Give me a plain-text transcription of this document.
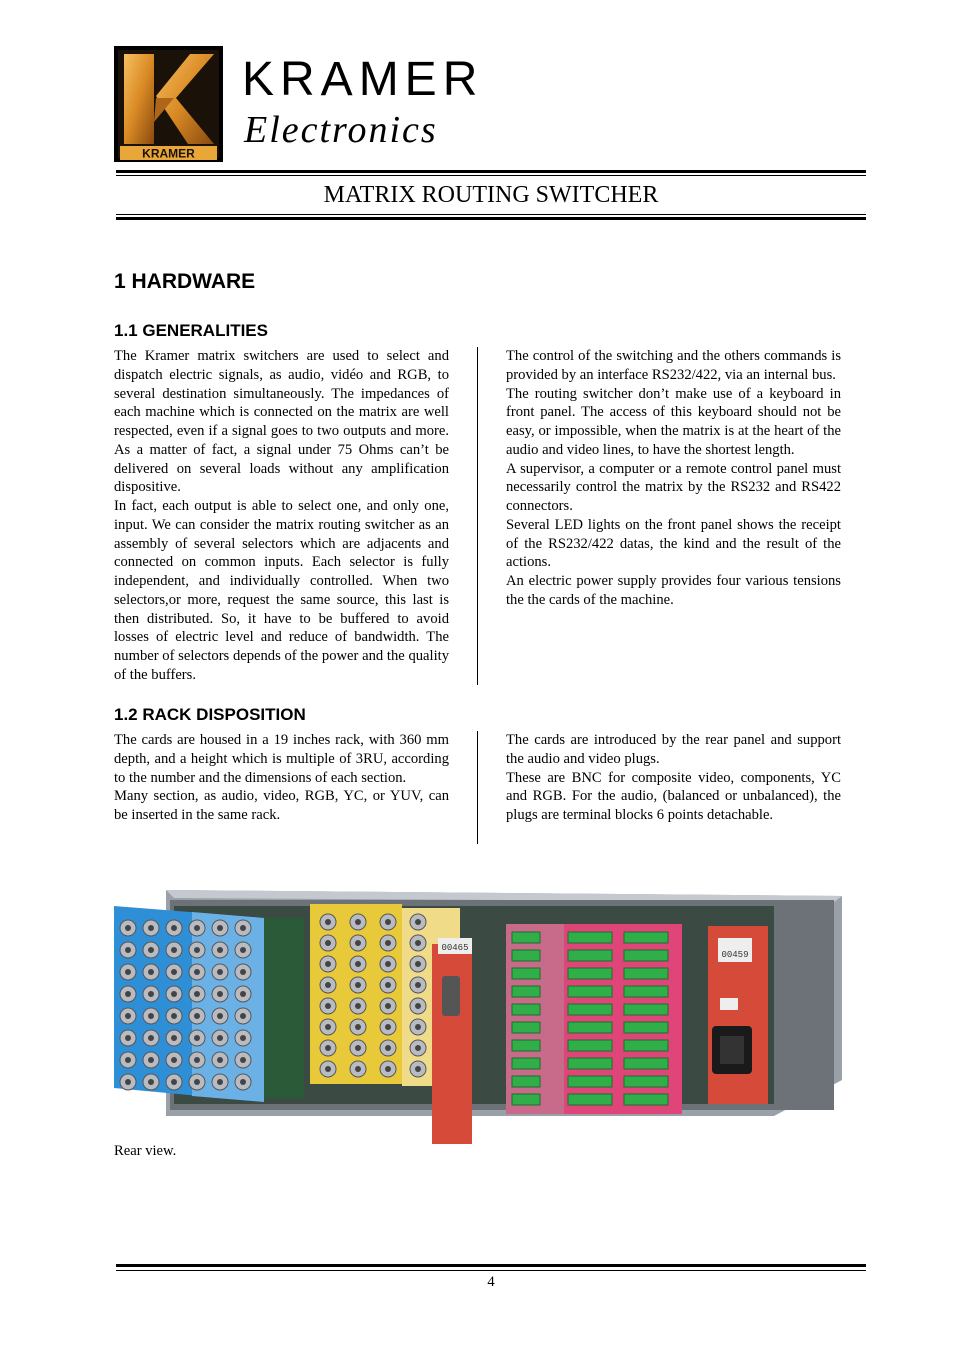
KRAMER
KRAMER
Electronics
MATRIX ROUTING SWITCHER
1 HARDWARE
1.1 GENERALITIES

The Kramer matrix switchers are used to select and dispatch electric signals, as audio, vidéo and RGB, to several destination simultaneously. The impedances of each machine which is connected on the matrix are well respected, even if a signal goes to two outputs and more. As a matter of fact, a signal under 75 Ohms can’t be delivered on several loads without any amplification dispositive.

In fact, each output is able to select one, and only one, input. We can consider the matrix routing switcher as an assembly of several selectors which are adjacents and connected on common inputs. Each selector is fully independent, and individually controlled. When two selectors,or more, request the same source, this last is then distributed. So, it have to be buffered to avoid losses of electric level and reduce of bandwidth. The number of selectors depends of the power and the quality of the buffers.

The control of the switching and the others commands is provided by an interface RS232/422, via an internal bus.

The routing switcher don’t make use of a keyboard in front panel. The access of this keyboard should not be easy, or impossible, when the matrix is at the heart of the audio and video lines, to have the shortest length.

A supervisor, a computer or a remote control panel must necessarily control the matrix by the RS232 and RS422 connectors.

Several LED lights on the front panel shows the receipt of the RS232/422 datas, the kind and the result of the actions.

An electric power supply provides four various tensions the the cards of the machine.

1.2 RACK DISPOSITION

The cards are housed in a 19 inches rack, with 360 mm depth, and a height which is multiple of 3RU, according to the number and the dimensions of each section.

Many section, as audio, video, RGB, YC, or YUV, can be inserted in the same rack.

The cards are introduced by the rear panel and support the audio and video plugs.

These are BNC for composite video, components, YC and RGB. For the audio, (balanced or unbalanced), the plugs are terminal blocks 6 points detachable.

00465
00459
Rear view.
4
